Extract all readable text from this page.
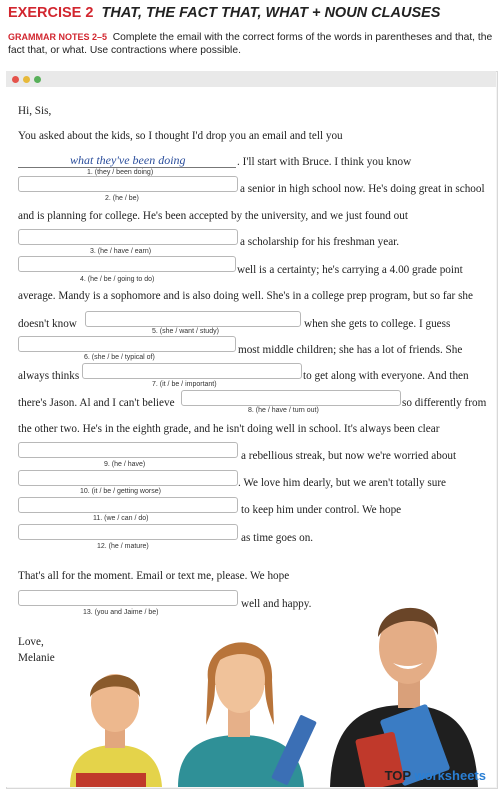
EXERCISE 2 THAT, THE FACT THAT, WHAT + NOUN CLAUSES
GRAMMAR NOTES 2–5 Complete the email with the correct forms of the words in parentheses and that, the fact that, or what. Use contractions where possible.
Hi, Sis,
You asked about the kids, so I thought I'd drop you an email and tell you
what they've been doing	. I'll start with Bruce. I think you know
1. (they / been doing)
a senior in high school now. He's doing great in school
2. (he / be)
and is planning for college. He's been accepted by the university, and we just found out
a scholarship for his freshman year.
3. (he / have / earn)
well is a certainty; he's carrying a 4.00 grade point
4. (he / be / going to do)
average. Mandy is a sophomore and is also doing well. She's in a college prep program, but so far she
doesn't know	when she gets to college. I guess
5. (she / want / study)
most middle children; she has a lot of friends. She
6. (she / be / typical of)
always thinks	to get along with everyone. And then
7. (it / be / important)
there's Jason. Al and I can't believe	so differently from
8. (he / have / turn out)
the other two. He's in the eighth grade, and he isn't doing well in school. It's always been clear
a rebellious streak, but now we're worried about
9. (he / have)
. We love him dearly, but we aren't totally sure
10. (it / be / getting worse)
to keep him under control. We hope
11. (we / can / do)
as time goes on.
12. (he / mature)
That's all for the moment. Email or text me, please. We hope
well and happy.
13. (you and Jaime / be)
Love,
Melanie
TOP worksheets
